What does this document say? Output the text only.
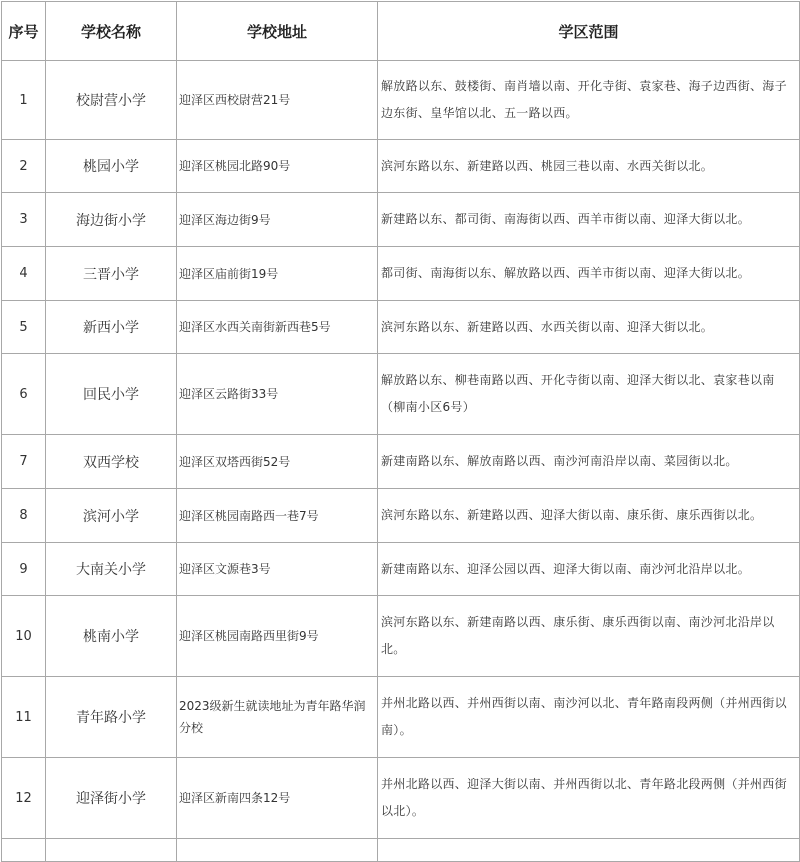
序号	学校名称	学校地址	学区范围
1	校尉营小学	迎泽区西校尉营21号	解放路以东、鼓楼街、南肖墙以南、开化寺街、袁家巷、海子边西街、海子边东街、皇华馆以北、五一路以西。
2	桃园小学	迎泽区桃园北路90号	滨河东路以东、新建路以西、桃园三巷以南、水西关街以北。
3	海边街小学	迎泽区海边街9号	新建路以东、都司街、南海街以西、西羊市街以南、迎泽大街以北。
4	三晋小学	迎泽区庙前街19号	都司街、南海街以东、解放路以西、西羊市街以南、迎泽大街以北。
5	新西小学	迎泽区水西关南街新西巷5号	滨河东路以东、新建路以西、水西关街以南、迎泽大街以北。
6	回民小学	迎泽区云路街33号	解放路以东、柳巷南路以西、开化寺街以南、迎泽大街以北、袁家巷以南（柳南小区6号）
7	双西学校	迎泽区双塔西街52号	新建南路以东、解放南路以西、南沙河南沿岸以南、菜园街以北。
8	滨河小学	迎泽区桃园南路西一巷7号	滨河东路以东、新建路以西、迎泽大街以南、康乐街、康乐西街以北。
9	大南关小学	迎泽区文源巷3号	新建南路以东、迎泽公园以西、迎泽大街以南、南沙河北沿岸以北。
10	桃南小学	迎泽区桃园南路西里街9号	滨河东路以东、新建南路以西、康乐街、康乐西街以南、南沙河北沿岸以北。
11	青年路小学	2023级新生就读地址为青年路华润分校	并州北路以西、并州西街以南、南沙河以北、青年路南段两侧（并州西街以南）。
12	迎泽街小学	迎泽区新南四条12号	并州北路以西、迎泽大街以南、并州西街以北、青年路北段两侧（并州西街以北）。
